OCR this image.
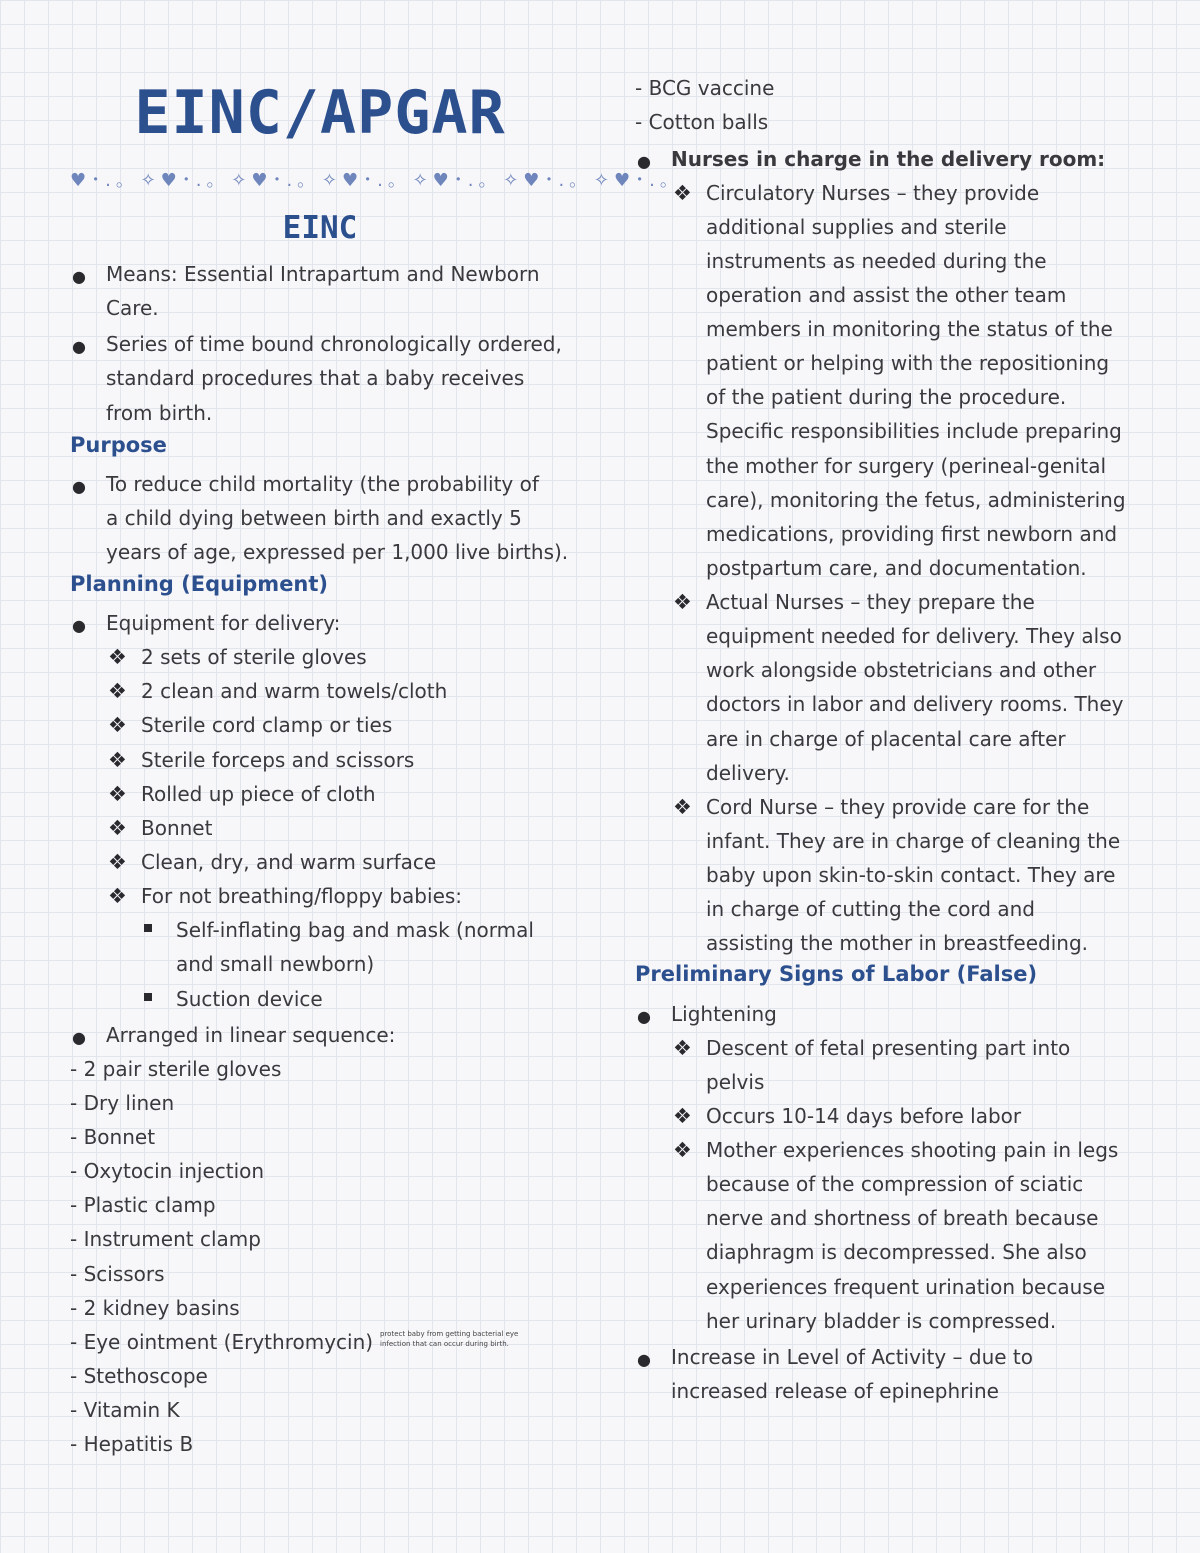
EINC/APGAR
♥･.｡ ✧♥･.｡ ✧♥･.｡ ✧♥･.｡ ✧♥･.｡ ✧♥･.｡ ✧♥･.｡
EINC
● Means: Essential Intrapartum and Newborn
Care.
● Series of time bound chronologically ordered,
standard procedures that a baby receives
from birth.
Purpose
● To reduce child mortality (the probability of
a child dying between birth and exactly 5
years of age, expressed per 1,000 live births).
Planning (Equipment)
● Equipment for delivery:
❖ 2 sets of sterile gloves
❖ 2 clean and warm towels/cloth
❖ Sterile cord clamp or ties
❖ Sterile forceps and scissors
❖ Rolled up piece of cloth
❖ Bonnet
❖ Clean, dry, and warm surface
❖ For not breathing/floppy babies:
Self-inflating bag and mask (normal
and small newborn)
Suction device
● Arranged in linear sequence:
- 2 pair sterile gloves
- Dry linen
- Bonnet
- Oxytocin injection
- Plastic clamp
- Instrument clamp
- Scissors
- 2 kidney basins
- Eye ointment (Erythromycin) protect baby from getting bacterial eye
infection that can occur during birth.
- Stethoscope
- Vitamin K
- Hepatitis B
- BCG vaccine
- Cotton balls
● Nurses in charge in the delivery room:
❖ Circulatory Nurses – they provide
additional supplies and sterile
instruments as needed during the
operation and assist the other team
members in monitoring the status of the
patient or helping with the repositioning
of the patient during the procedure.
Specific responsibilities include preparing
the mother for surgery (perineal-genital
care), monitoring the fetus, administering
medications, providing first newborn and
postpartum care, and documentation.
❖ Actual Nurses – they prepare the
equipment needed for delivery. They also
work alongside obstetricians and other
doctors in labor and delivery rooms. They
are in charge of placental care after
delivery.
❖ Cord Nurse – they provide care for the
infant. They are in charge of cleaning the
baby upon skin-to-skin contact. They are
in charge of cutting the cord and
assisting the mother in breastfeeding.
Preliminary Signs of Labor (False)
● Lightening
❖ Descent of fetal presenting part into
pelvis
❖ Occurs 10-14 days before labor
❖ Mother experiences shooting pain in legs
because of the compression of sciatic
nerve and shortness of breath because
diaphragm is decompressed. She also
experiences frequent urination because
her urinary bladder is compressed.
● Increase in Level of Activity – due to
increased release of epinephrine
